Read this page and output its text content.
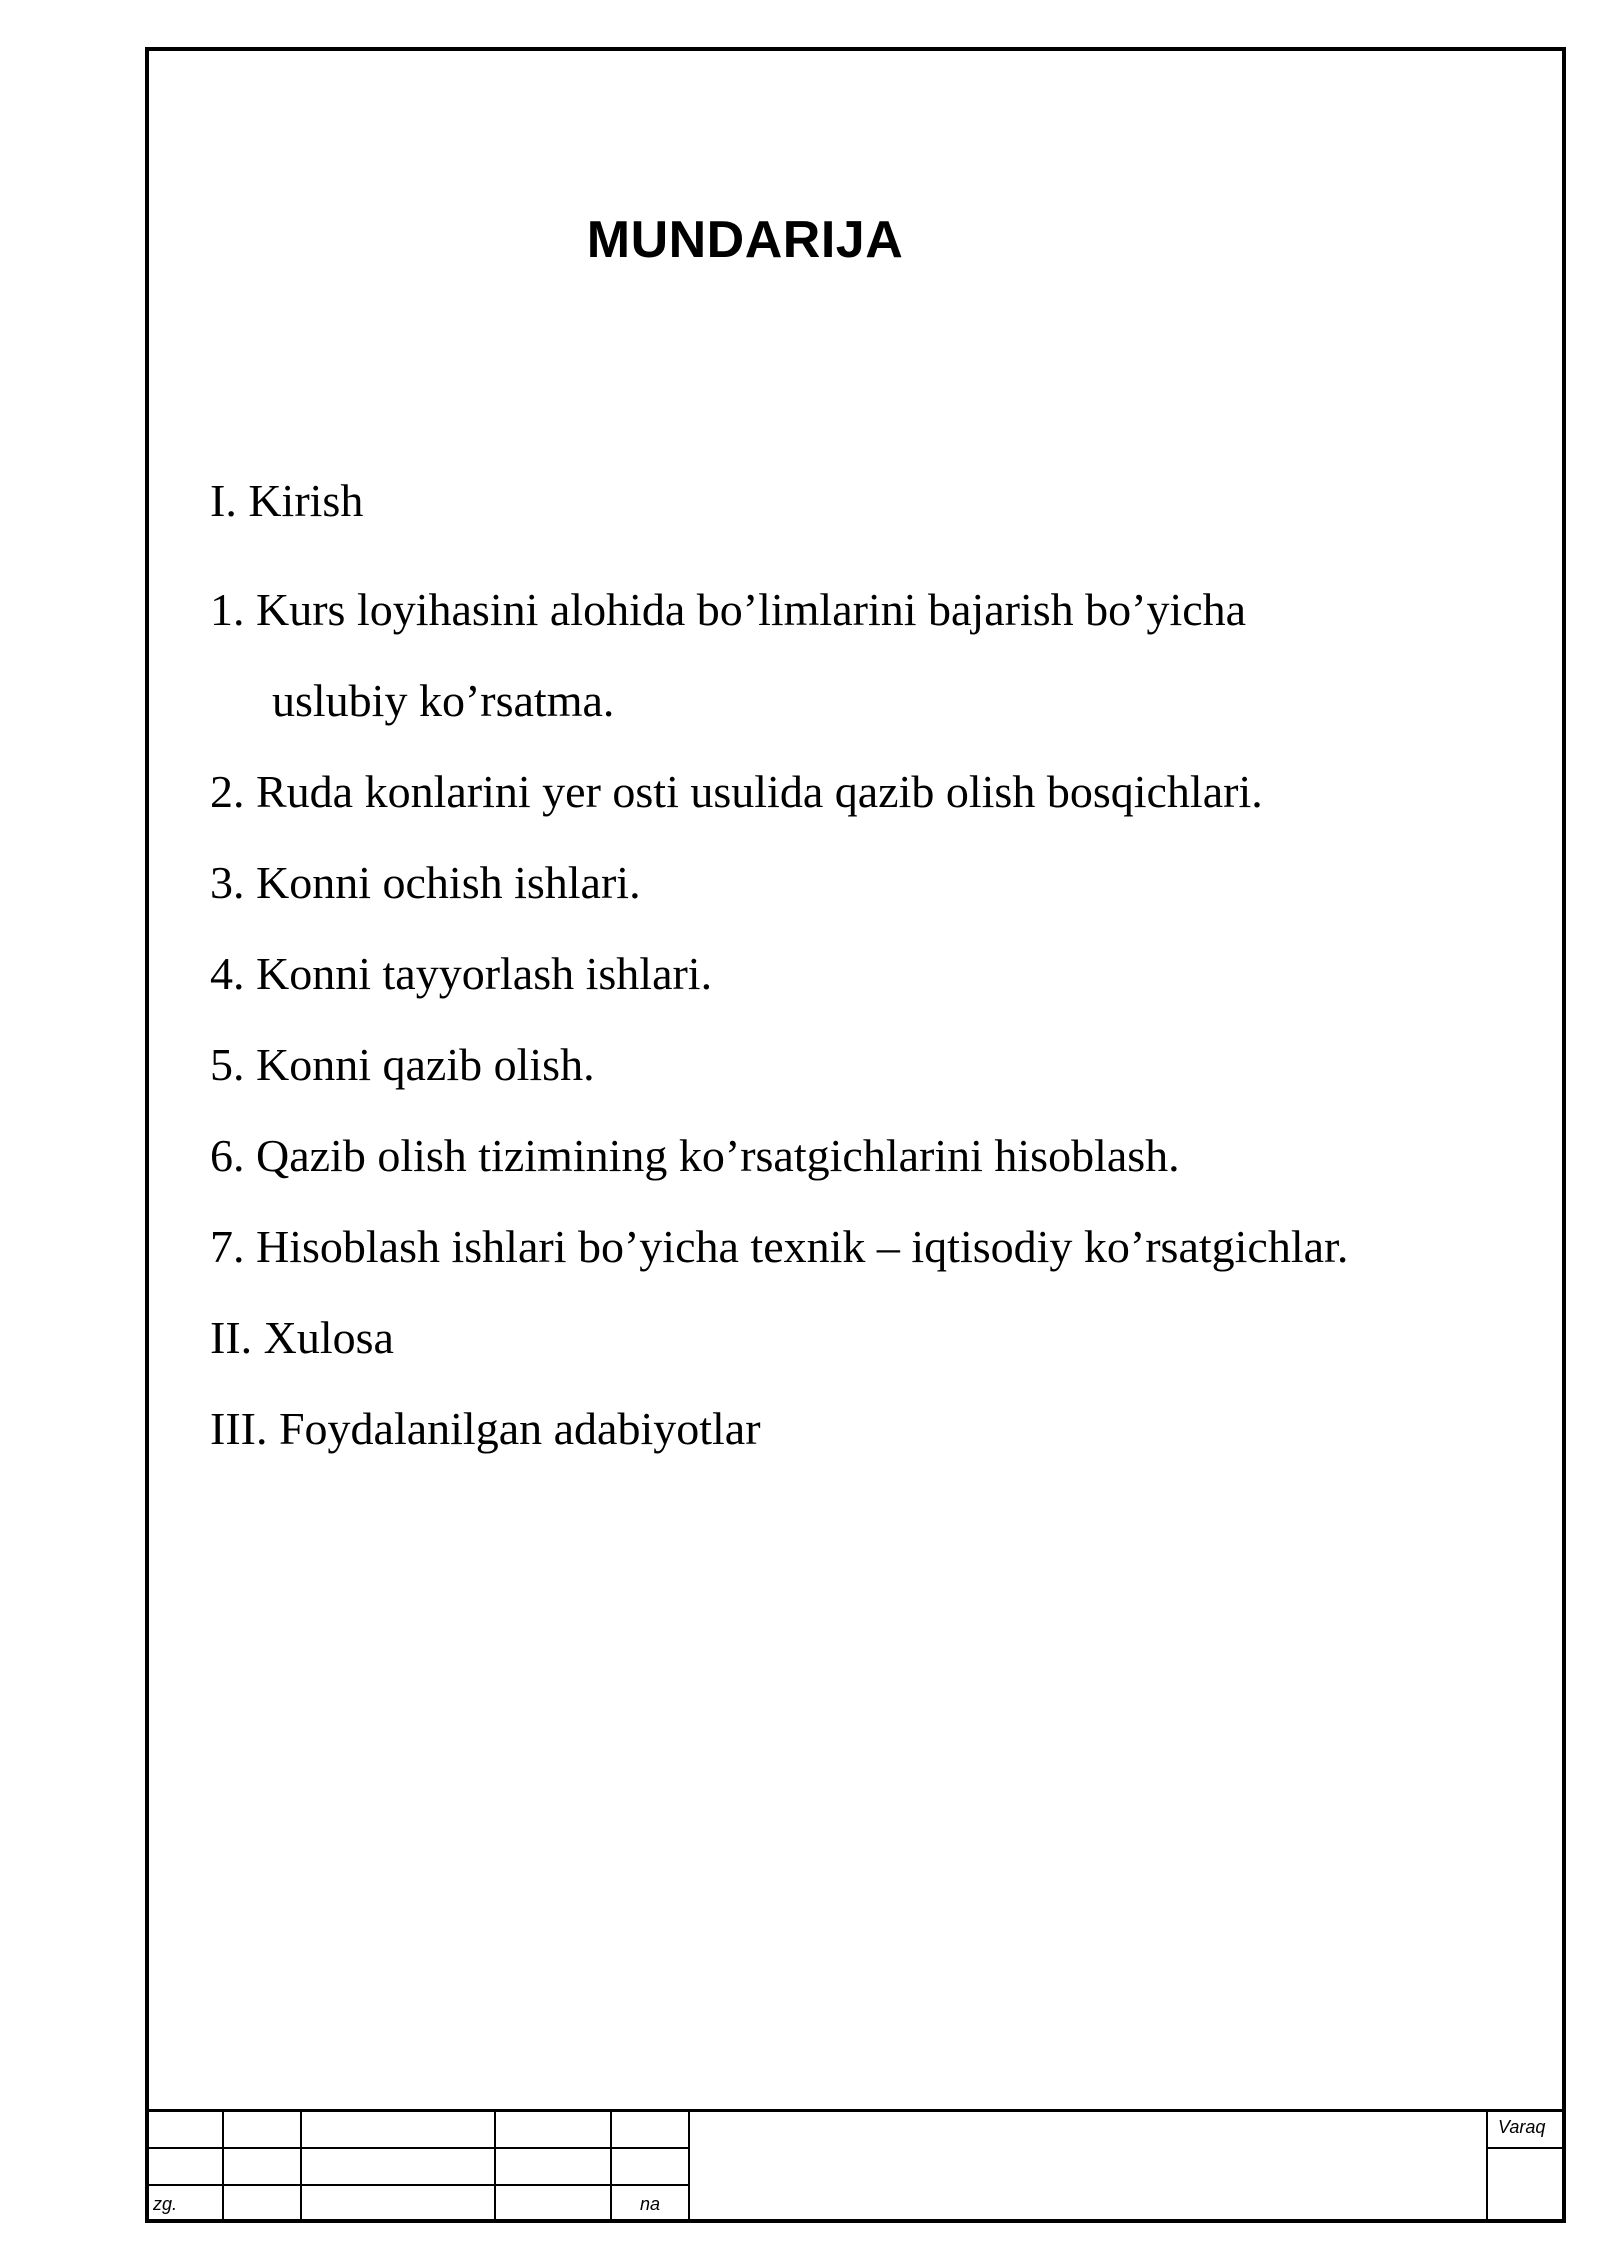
MUNDARIJA
I. Kirish
1. Kurs loyihasini alohida bo’limlarini bajarish bo’yicha
uslubiy ko’rsatma.
2. Ruda konlarini yer osti usulida qazib olish bosqichlari.
3. Konni ochish ishlari.
4. Konni tayyorlash ishlari.
5. Konni qazib olish.
6. Qazib olish tizimining ko’rsatgichlarini hisoblash.
7. Hisoblash ishlari bo’yicha texnik – iqtisodiy ko’rsatgichlar.
II. Xulosa
III. Foydalanilgan adabiyotlar
zg.	na
Varaq
